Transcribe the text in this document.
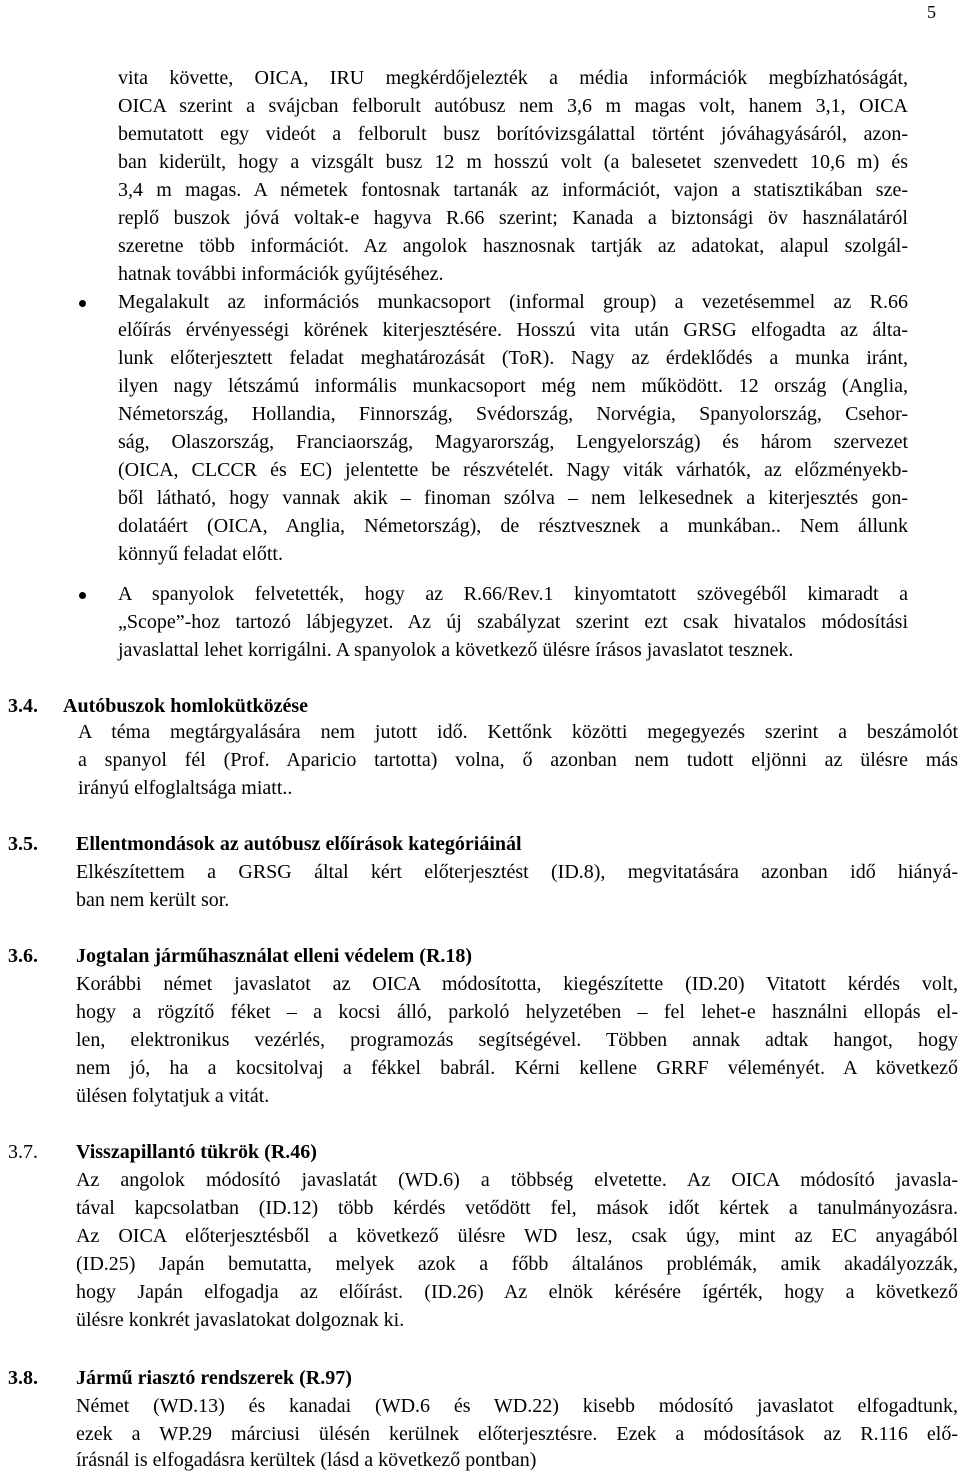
5
vita követte, OICA, IRU megkérdőjelezték a média információk megbízhatóságát,
OICA szerint a svájcban felborult autóbusz nem 3,6 m magas volt, hanem 3,1, OICA
bemutatott egy videót a felborult busz borítóvizsgálattal történt jóváhagyásáról, azon-
ban kiderült, hogy a vizsgált busz 12 m hosszú volt (a balesetet szenvedett 10,6 m) és
3,4 m magas. A németek fontosnak tartanák az információt, vajon a statisztikában sze-
replő buszok jóvá voltak-e hagyva R.66 szerint; Kanada a biztonsági öv használatáról
szeretne több információt. Az angolok hasznosnak tartják az adatokat, alapul szolgál-
hatnak további információk gyűjtéséhez.
Megalakult az információs munkacsoport (informal group) a vezetésemmel az R.66
előírás érvényességi körének kiterjesztésére. Hosszú vita után GRSG elfogadta az álta-
lunk előterjesztett feladat meghatározását (ToR). Nagy az érdeklődés a munka iránt,
ilyen nagy létszámú informális munkacsoport még nem működött. 12 ország (Anglia,
Németország, Hollandia, Finnország, Svédország, Norvégia, Spanyolország, Csehor-
ság, Olaszország, Franciaország, Magyarország, Lengyelország) és három szervezet
(OICA, CLCCR és EC) jelentette be részvételét. Nagy viták várhatók, az előzményekb-
ből látható, hogy vannak akik – finoman szólva – nem lelkesednek a kiterjesztés gon-
dolatáért (OICA, Anglia, Németország), de résztvesznek a munkában.. Nem állunk
könnyű feladat előtt.
A spanyolok felvetették, hogy az R.66/Rev.1 kinyomtatott szövegéből kimaradt a
„Scope”-hoz tartozó lábjegyzet. Az új szabályzat szerint ezt csak hivatalos módosítási
javaslattal lehet korrigálni. A spanyolok a következő ülésre írásos javaslatot tesznek.
3.4. Autóbuszok homlokütközése
A téma megtárgyalására nem jutott idő. Kettőnk közötti megegyezés szerint a beszámolót
a spanyol fél (Prof. Aparicio tartotta) volna, ő azonban nem tudott eljönni az ülésre más
irányú elfoglaltsága miatt..
3.5. Ellentmondások az autóbusz előírások kategóriáinál
Elkészítettem a GRSG által kért előterjesztést (ID.8), megvitatására azonban idő hiányá-
ban nem került sor.
3.6. Jogtalan járműhasználat elleni védelem (R.18)
Korábbi német javaslatot az OICA módosította, kiegészítette (ID.20) Vitatott kérdés volt,
hogy a rögzítő féket – a kocsi álló, parkoló helyzetében – fel lehet-e használni ellopás el-
len, elektronikus vezérlés, programozás segítségével. Többen annak adtak hangot, hogy
nem jó, ha a kocsitolvaj a fékkel babrál. Kérni kellene GRRF véleményét. A következő
ülésen folytatjuk a vitát.
3.7. Visszapillantó tükrök (R.46)
Az angolok módosító javaslatát (WD.6) a többség elvetette. Az OICA módosító javasla-
tával kapcsolatban (ID.12) több kérdés vetődött fel, mások időt kértek a tanulmányozásra.
Az OICA előterjesztésből a következő ülésre WD lesz, csak úgy, mint az EC anyagából
(ID.25) Japán bemutatta, melyek azok a főbb általános problémák, amik akadályozzák,
hogy Japán elfogadja az előírást. (ID.26) Az elnök kérésére ígérték, hogy a következő
ülésre konkrét javaslatokat dolgoznak ki.
3.8. Jármű riasztó rendszerek (R.97)
Német (WD.13) és kanadai (WD.6 és WD.22) kisebb módosító javaslatot elfogadtunk,
ezek a WP.29 márciusi ülésén kerülnek előterjesztésre. Ezek a módosítások az R.116 elő-
írásnál is elfogadásra kerültek (lásd a következő pontban)
